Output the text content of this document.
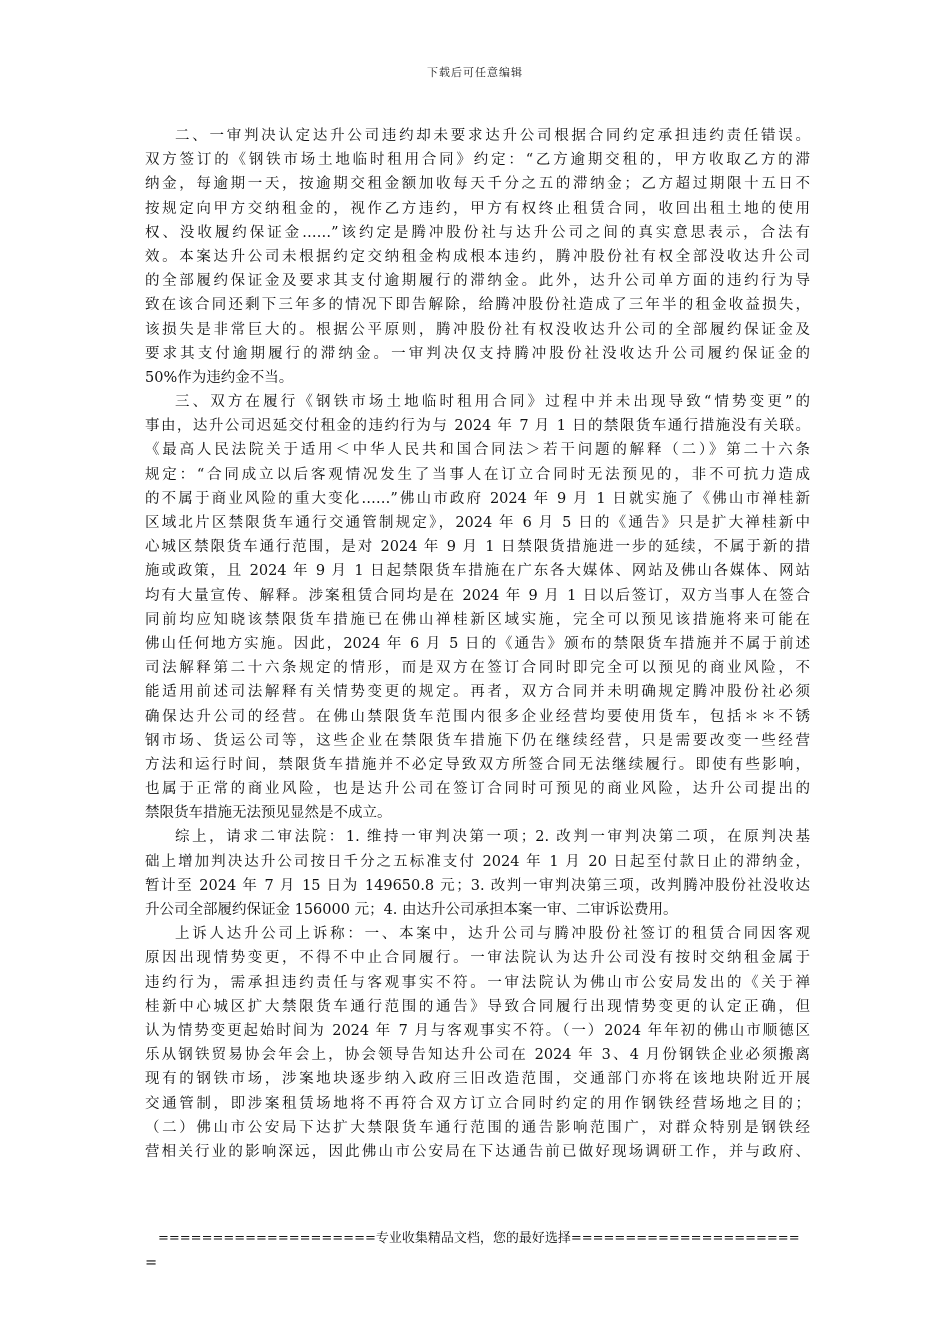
下载后可任意编辑
二、一审判决认定达升公司违约却未要求达升公司根据合同约定承担违约责任错误。
双方签订的《钢铁市场土地临时租用合同》约定：“乙方逾期交租的，甲方收取乙方的滞
纳金，每逾期一天，按逾期交租金额加收每天千分之五的滞纳金；乙方超过期限十五日不
按规定向甲方交纳租金的，视作乙方违约，甲方有权终止租赁合同，收回出租土地的使用
权、没收履约保证金……”该约定是腾冲股份社与达升公司之间的真实意思表示，合法有
效。本案达升公司未根据约定交纳租金构成根本违约，腾冲股份社有权全部没收达升公司
的全部履约保证金及要求其支付逾期履行的滞纳金。此外，达升公司单方面的违约行为导
致在该合同还剩下三年多的情况下即告解除，给腾冲股份社造成了三年半的租金收益损失，
该损失是非常巨大的。根据公平原则，腾冲股份社有权没收达升公司的全部履约保证金及
要求其支付逾期履行的滞纳金。一审判决仅支持腾冲股份社没收达升公司履约保证金的
50%作为违约金不当。
三、双方在履行《钢铁市场土地临时租用合同》过程中并未出现导致“情势变更”的
事由，达升公司迟延交付租金的违约行为与 2024 年 7 月 1 日的禁限货车通行措施没有关联。
《最高人民法院关于适用＜中华人民共和国合同法＞若干问题的解释（二）》第二十六条
规定：“合同成立以后客观情况发生了当事人在订立合同时无法预见的，非不可抗力造成
的不属于商业风险的重大变化……”佛山市政府 2024 年 9 月 1 日就实施了《佛山市禅桂新
区域北片区禁限货车通行交通管制规定》，2024 年 6 月 5 日的《通告》只是扩大禅桂新中
心城区禁限货车通行范围，是对 2024 年 9 月 1 日禁限货措施进一步的延续，不属于新的措
施或政策，且 2024 年 9 月 1 日起禁限货车措施在广东各大媒体、网站及佛山各媒体、网站
均有大量宣传、解释。涉案租赁合同均是在 2024 年 9 月 1 日以后签订，双方当事人在签合
同前均应知晓该禁限货车措施已在佛山禅桂新区域实施，完全可以预见该措施将来可能在
佛山任何地方实施。因此，2024 年 6 月 5 日的《通告》颁布的禁限货车措施并不属于前述
司法解释第二十六条规定的情形，而是双方在签订合同时即完全可以预见的商业风险，不
能适用前述司法解释有关情势变更的规定。再者，双方合同并未明确规定腾冲股份社必须
确保达升公司的经营。在佛山禁限货车范围内很多企业经营均要使用货车，包括＊＊不锈
钢市场、货运公司等，这些企业在禁限货车措施下仍在继续经营，只是需要改变一些经营
方法和运行时间，禁限货车措施并不必定导致双方所签合同无法继续履行。即使有些影响，
也属于正常的商业风险，也是达升公司在签订合同时可预见的商业风险，达升公司提出的
禁限货车措施无法预见显然是不成立。
综上，请求二审法院：1. 维持一审判决第一项；2. 改判一审判决第二项，在原判决基
础上增加判决达升公司按日千分之五标准支付 2024 年 1 月 20 日起至付款日止的滞纳金，
暂计至 2024 年 7 月 15 日为 149650.8 元；3. 改判一审判决第三项，改判腾冲股份社没收达
升公司全部履约保证金 156000 元；4. 由达升公司承担本案一审、二审诉讼费用。
上诉人达升公司上诉称：一、本案中，达升公司与腾冲股份社签订的租赁合同因客观
原因出现情势变更，不得不中止合同履行。一审法院认为达升公司没有按时交纳租金属于
违约行为，需承担违约责任与客观事实不符。一审法院认为佛山市公安局发出的《关于禅
桂新中心城区扩大禁限货车通行范围的通告》导致合同履行出现情势变更的认定正确，但
认为情势变更起始时间为 2024 年 7 月与客观事实不符。（一）2024 年年初的佛山市顺德区
乐从钢铁贸易协会年会上，协会领导告知达升公司在 2024 年 3、4 月份钢铁企业必须搬离
现有的钢铁市场，涉案地块逐步纳入政府三旧改造范围，交通部门亦将在该地块附近开展
交通管制，即涉案租赁场地将不再符合双方订立合同时约定的用作钢铁经营场地之目的；
（二）佛山市公安局下达扩大禁限货车通行范围的通告影响范围广，对群众特别是钢铁经
营相关行业的影响深远，因此佛山市公安局在下达通告前已做好现场调研工作，并与政府、
====================专业收集精品文档，您的最好选择=====================
=
